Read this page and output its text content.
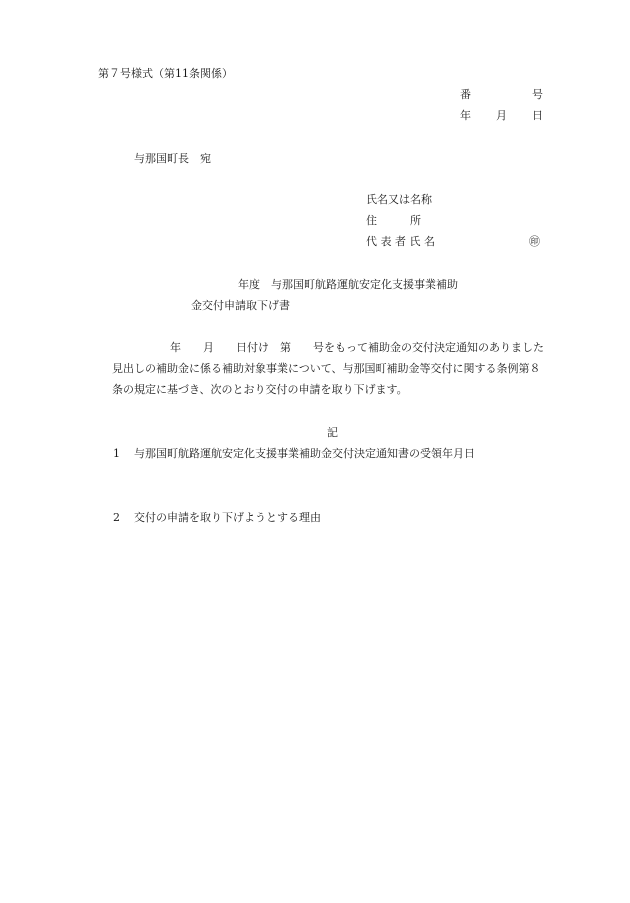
第７号様式（第11条関係）
番	号
年 月 日
与那国町長　宛
氏名又は名称
住　　　所
代 表 者 氏 名	㊞
年度　与那国町航路運航安定化支援事業補助
金交付申請取下げ書
年　　月　　日付け　第　　号をもって補助金の交付決定通知のありました
見出しの補助金に係る補助対象事業について、与那国町補助金等交付に関する条例第８
条の規定に基づき、次のとおり交付の申請を取り下げます。
記
1 与那国町航路運航安定化支援事業補助金交付決定通知書の受領年月日
2 交付の申請を取り下げようとする理由
